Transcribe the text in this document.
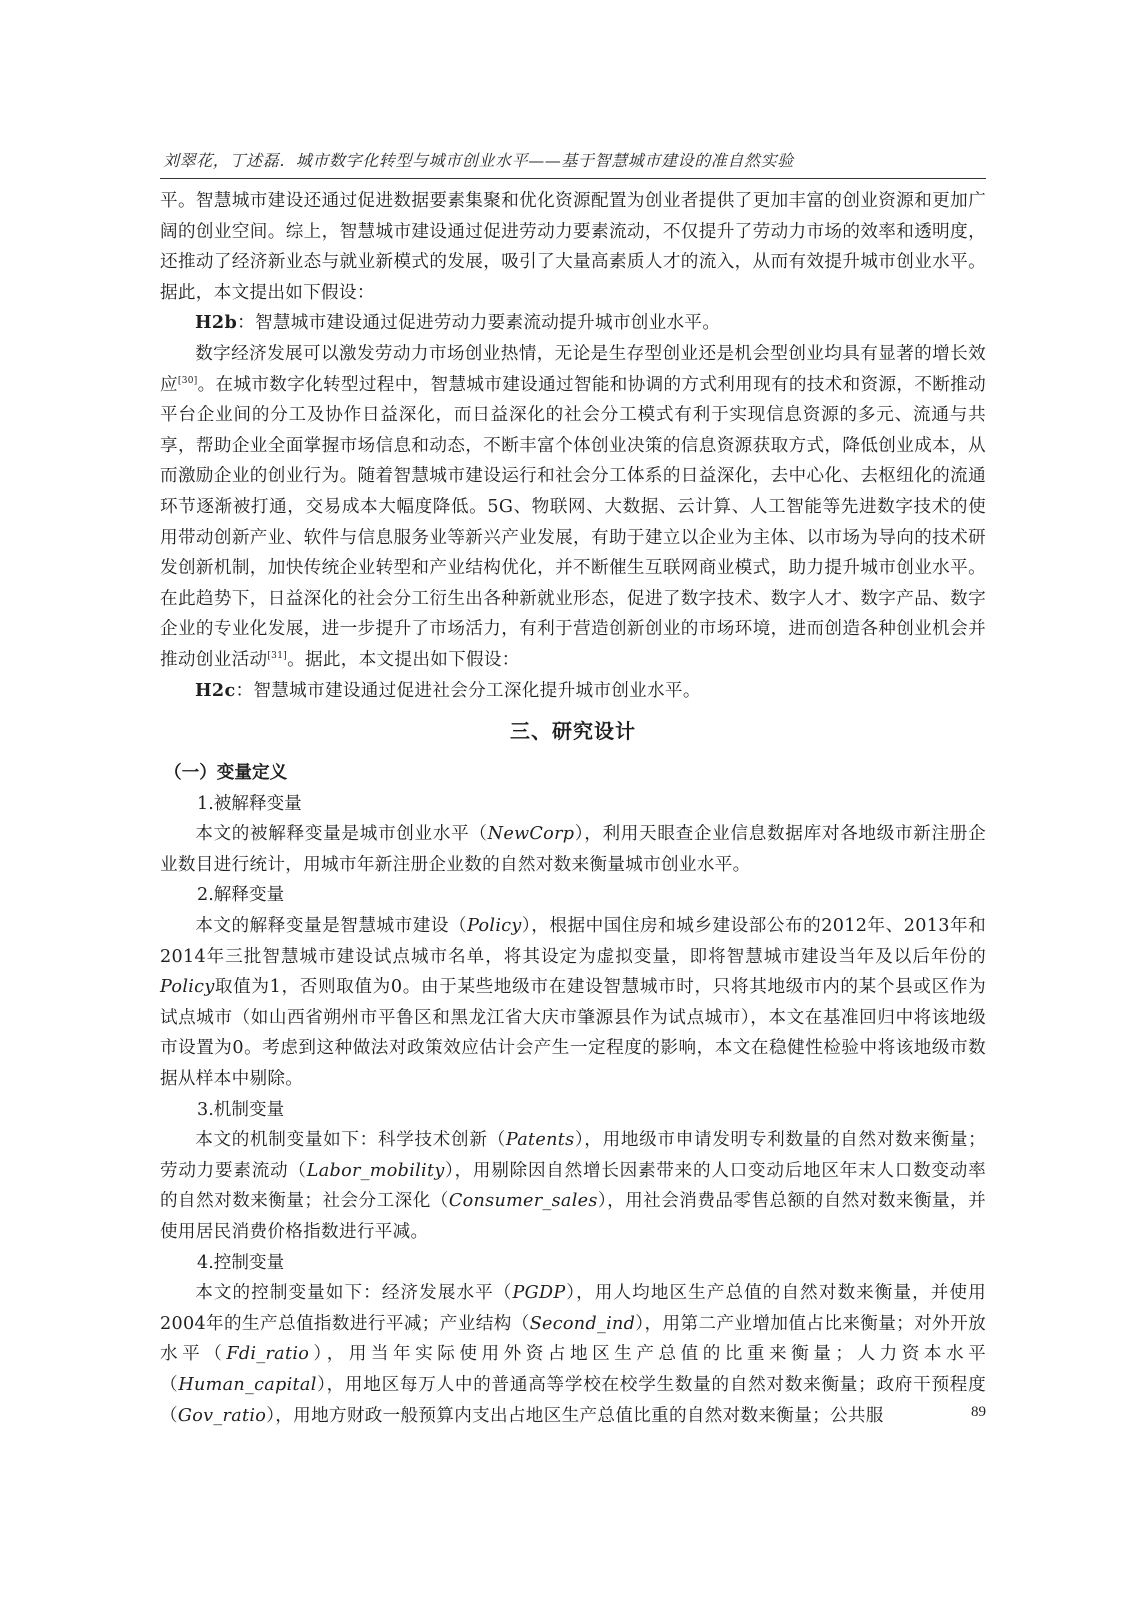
刘翠花，丁述磊．城市数字化转型与城市创业水平——基于智慧城市建设的准自然实验

平。智慧城市建设还通过促进数据要素集聚和优化资源配置为创业者提供了更加丰富的创业资源和更加广阔的创业空间。综上，智慧城市建设通过促进劳动力要素流动，不仅提升了劳动力市场的效率和透明度，还推动了经济新业态与就业新模式的发展，吸引了大量高素质人才的流入，从而有效提升城市创业水平。据此，本文提出如下假设：

H2b：智慧城市建设通过促进劳动力要素流动提升城市创业水平。

数字经济发展可以激发劳动力市场创业热情，无论是生存型创业还是机会型创业均具有显著的增长效应[30]。在城市数字化转型过程中，智慧城市建设通过智能和协调的方式利用现有的技术和资源，不断推动平台企业间的分工及协作日益深化，而日益深化的社会分工模式有利于实现信息资源的多元、流通与共享，帮助企业全面掌握市场信息和动态，不断丰富个体创业决策的信息资源获取方式，降低创业成本，从而激励企业的创业行为。随着智慧城市建设运行和社会分工体系的日益深化，去中心化、去枢纽化的流通环节逐渐被打通，交易成本大幅度降低。5G、物联网、大数据、云计算、人工智能等先进数字技术的使用带动创新产业、软件与信息服务业等新兴产业发展，有助于建立以企业为主体、以市场为导向的技术研发创新机制，加快传统企业转型和产业结构优化，并不断催生互联网商业模式，助力提升城市创业水平。在此趋势下，日益深化的社会分工衍生出各种新就业形态，促进了数字技术、数字人才、数字产品、数字企业的专业化发展，进一步提升了市场活力，有利于营造创新创业的市场环境，进而创造各种创业机会并推动创业活动[31]。据此，本文提出如下假设：

H2c：智慧城市建设通过促进社会分工深化提升城市创业水平。

三、研究设计
（一）变量定义

1.被解释变量

本文的被解释变量是城市创业水平（NewCorp），利用天眼查企业信息数据库对各地级市新注册企业数目进行统计，用城市年新注册企业数的自然对数来衡量城市创业水平。

2.解释变量

本文的解释变量是智慧城市建设（Policy），根据中国住房和城乡建设部公布的2012年、2013年和2014年三批智慧城市建设试点城市名单，将其设定为虚拟变量，即将智慧城市建设当年及以后年份的Policy取值为1，否则取值为0。由于某些地级市在建设智慧城市时，只将其地级市内的某个县或区作为试点城市（如山西省朔州市平鲁区和黑龙江省大庆市肇源县作为试点城市），本文在基准回归中将该地级市设置为0。考虑到这种做法对政策效应估计会产生一定程度的影响，本文在稳健性检验中将该地级市数据从样本中剔除。

3.机制变量

本文的机制变量如下：科学技术创新（Patents），用地级市申请发明专利数量的自然对数来衡量；劳动力要素流动（Labor_mobility），用剔除因自然增长因素带来的人口变动后地区年末人口数变动率的自然对数来衡量；社会分工深化（Consumer_sales），用社会消费品零售总额的自然对数来衡量，并使用居民消费价格指数进行平减。

4.控制变量

本文的控制变量如下：经济发展水平（PGDP），用人均地区生产总值的自然对数来衡量，并使用2004年的生产总值指数进行平减；产业结构（Second_ind），用第二产业增加值占比来衡量；对外开放水平（Fdi_ratio），用当年实际使用外资占地区生产总值的比重来衡量；人力资本水平（Human_capital），用地区每万人中的普通高等学校在校学生数量的自然对数来衡量；政府干预程度（Gov_ratio），用地方财政一般预算内支出占地区生产总值比重的自然对数来衡量；公共服	89
